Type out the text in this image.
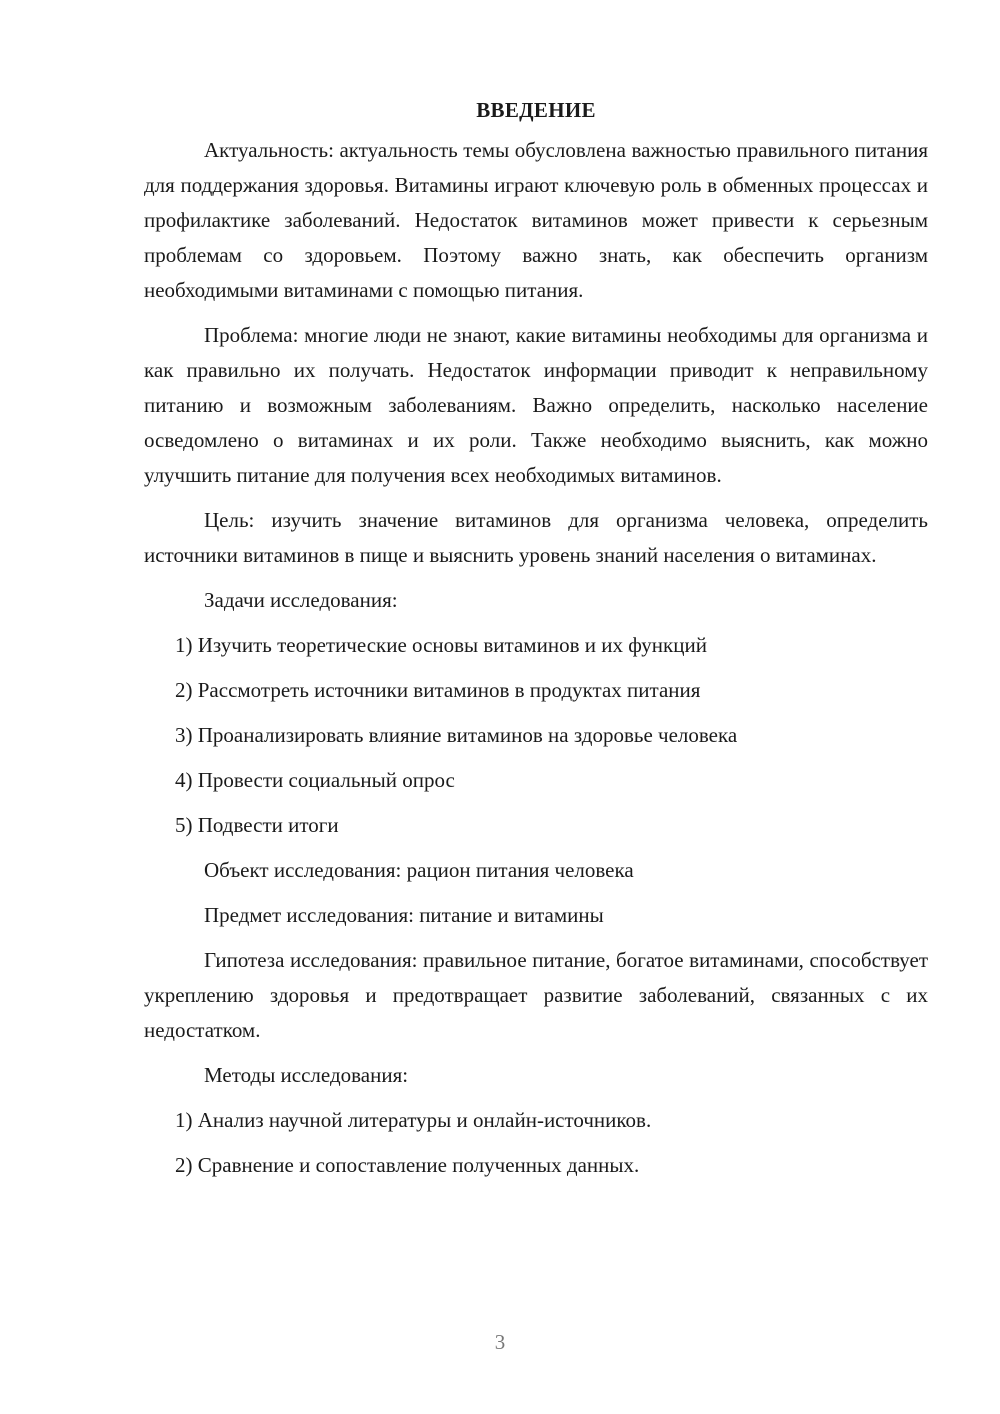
ВВЕДЕНИЕ

Актуальность: актуальность темы обусловлена важностью правильного питания для поддержания здоровья. Витамины играют ключевую роль в обменных процессах и профилактике заболеваний. Недостаток витаминов может привести к серьезным проблемам со здоровьем. Поэтому важно знать, как обеспечить организм необходимыми витаминами с помощью питания.

Проблема: многие люди не знают, какие витамины необходимы для организма и как правильно их получать. Недостаток информации приводит к неправильному питанию и возможным заболеваниям. Важно определить, насколько население осведомлено о витаминах и их роли. Также необходимо выяснить, как можно улучшить питание для получения всех необходимых витаминов.

Цель: изучить значение витаминов для организма человека, определить источники витаминов в пище и выяснить уровень знаний населения о витаминах.

Задачи исследования:

1) Изучить теоретические основы витаминов и их функций

2) Рассмотреть источники витаминов в продуктах питания

3) Проанализировать влияние витаминов на здоровье человека

4) Провести социальный опрос

5) Подвести итоги

Объект исследования: рацион питания человека

Предмет исследования: питание и витамины

Гипотеза исследования: правильное питание, богатое витаминами, способствует укреплению здоровья и предотвращает развитие заболеваний, связанных с их недостатком.

Методы исследования:

1) Анализ научной литературы и онлайн-источников.

2) Сравнение и сопоставление полученных данных.

3
